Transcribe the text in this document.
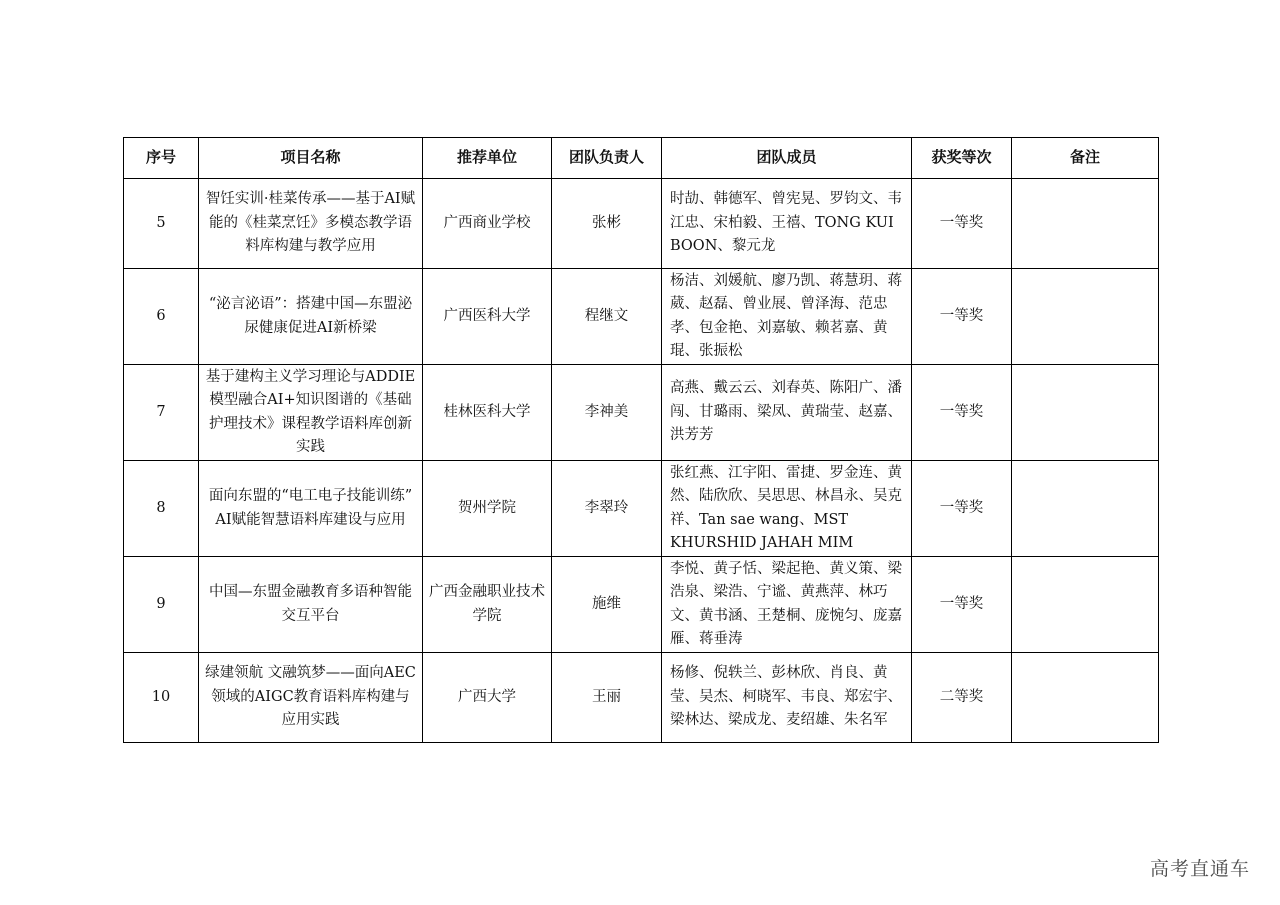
序号	项目名称	推荐单位	团队负责人	团队成员	获奖等次	备注
5	智饪实训·桂菜传承——基于AI赋能的《桂菜烹饪》多模态教学语料库构建与教学应用	广西商业学校	张彬	时劼、韩德军、曾宪晃、罗钧文、韦江忠、宋柏毅、王禧、TONG KUI BOON、黎元龙	一等奖	
6	“泌言泌语”：搭建中国—东盟泌尿健康促进AI新桥梁	广西医科大学	程继文	杨洁、刘媛航、廖乃凯、蒋慧玥、蒋葳、赵磊、曾业展、曾泽海、范忠孝、包金艳、刘嘉敏、赖茗嘉、黄琨、张振松	一等奖	
7	基于建构主义学习理论与ADDIE模型融合AI+知识图谱的《基础护理技术》课程教学语料库创新实践	桂林医科大学	李神美	高燕、戴云云、刘春英、陈阳广、潘闯、甘璐雨、梁凤、黄瑞莹、赵嘉、洪芳芳	一等奖	
8	面向东盟的“电工电子技能训练” AI赋能智慧语料库建设与应用	贺州学院	李翠玲	张红燕、江宇阳、雷捷、罗金连、黄然、陆欣欣、吴思思、林昌永、吴克祥、Tan sae wang、MST KHURSHID JAHAH MIM	一等奖	
9	中国—东盟金融教育多语种智能交互平台	广西金融职业技术学院	施维	李悦、黄子恬、梁起艳、黄义策、梁浩泉、梁浩、宁谧、黄燕萍、林巧文、黄书涵、王楚桐、庞惋匀、庞嘉雁、蒋垂涛	一等奖	
10	绿建领航 文融筑梦——面向AEC领域的AIGC教育语料库构建与应用实践	广西大学	王丽	杨修、倪轶兰、彭林欣、肖良、黄莹、吴杰、柯晓军、韦良、郑宏宇、梁林达、梁成龙、麦绍雄、朱名军	二等奖	
高考直通车
